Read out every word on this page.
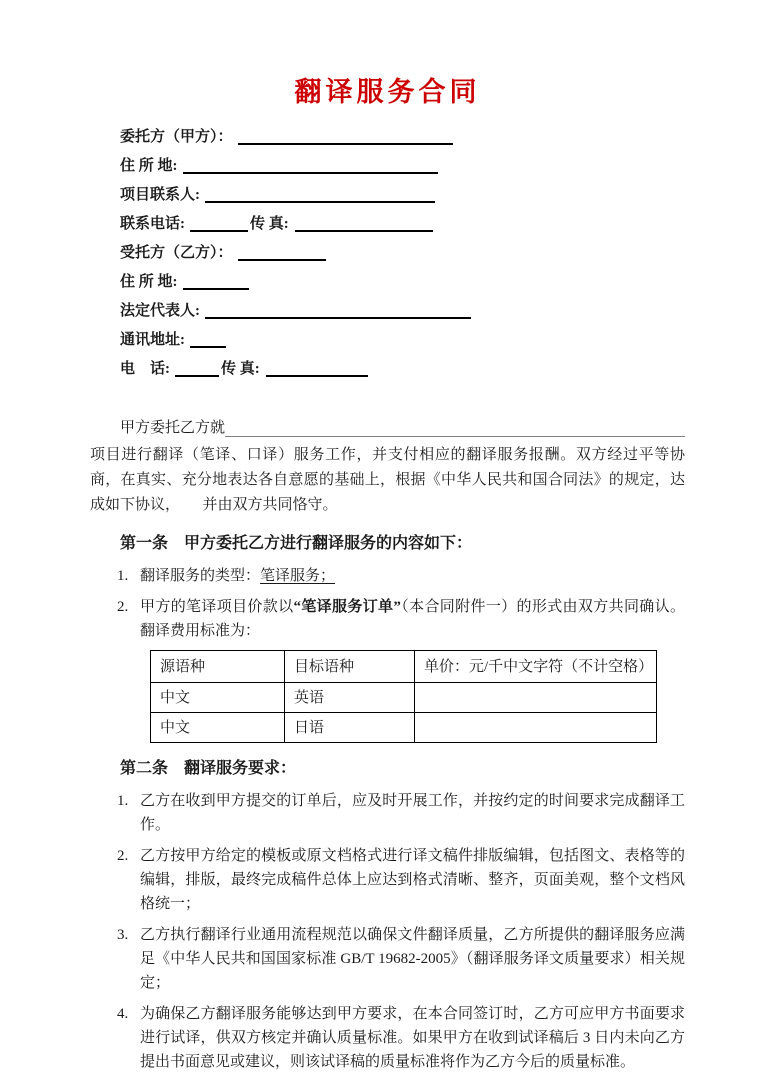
翻译服务合同
委托方（甲方）：
住 所 地:
项目联系人:
联系电话:	传 真:
受托方（乙方）：
住 所 地:
法定代表人:
通讯地址:
电　话:	传 真:
甲方委托乙方就
项目进行翻译（笔译、口译）服务工作，并支付相应的翻译服务报酬。双方经过平等协商，在真实、充分地表达各自意愿的基础上，根据《中华人民共和国合同法》的规定，达成如下协议，　　并由双方共同恪守。
第一条 甲方委托乙方进行翻译服务的内容如下：
1. 翻译服务的类型：笔译服务；
2. 甲方的笔译项目价款以“笔译服务订单”（本合同附件一）的形式由双方共同确认。翻译费用标准为：
源语种	目标语种	单价：元/千中文字符（不计空格）
中文	英语	
中文	日语	
第二条 翻译服务要求：
1. 乙方在收到甲方提交的订单后，应及时开展工作，并按约定的时间要求完成翻译工作。
2. 乙方按甲方给定的模板或原文档格式进行译文稿件排版编辑，包括图文、表格等的编辑，排版，最终完成稿件总体上应达到格式清晰、整齐，页面美观，整个文档风格统一；
3. 乙方执行翻译行业通用流程规范以确保文件翻译质量，乙方所提供的翻译服务应满足《中华人民共和国国家标准 GB/T 19682-2005》（翻译服务译文质量要求）相关规定；
4. 为确保乙方翻译服务能够达到甲方要求，在本合同签订时，乙方可应甲方书面要求进行试译，供双方核定并确认质量标准。如果甲方在收到试译稿后 3 日内未向乙方提出书面意见或建议，则该试译稿的质量标准将作为乙方今后的质量标准。
